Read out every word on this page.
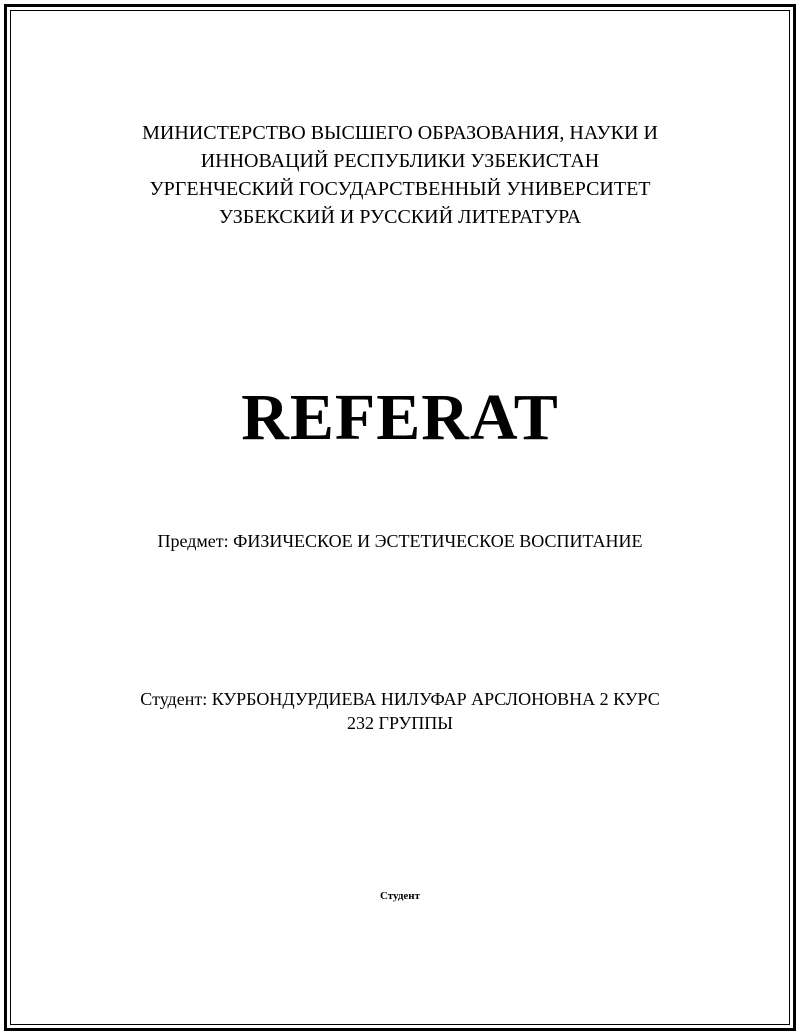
МИНИСТЕРСТВО ВЫСШЕГО ОБРАЗОВАНИЯ, НАУКИ И
ИННОВАЦИЙ РЕСПУБЛИКИ УЗБЕКИСТАН
УРГЕНЧЕСКИЙ ГОСУДАРСТВЕННЫЙ УНИВЕРСИТЕТ
УЗБЕКСКИЙ И РУССКИЙ ЛИТЕРАТУРА
REFERAT
Предмет: ФИЗИЧЕСКОЕ И ЭСТЕТИЧЕСКОЕ ВОСПИТАНИЕ
Студент: КУРБОНДУРДИЕВА НИЛУФАР АРСЛОНОВНА 2 КУРС
232 ГРУППЫ
Студент
